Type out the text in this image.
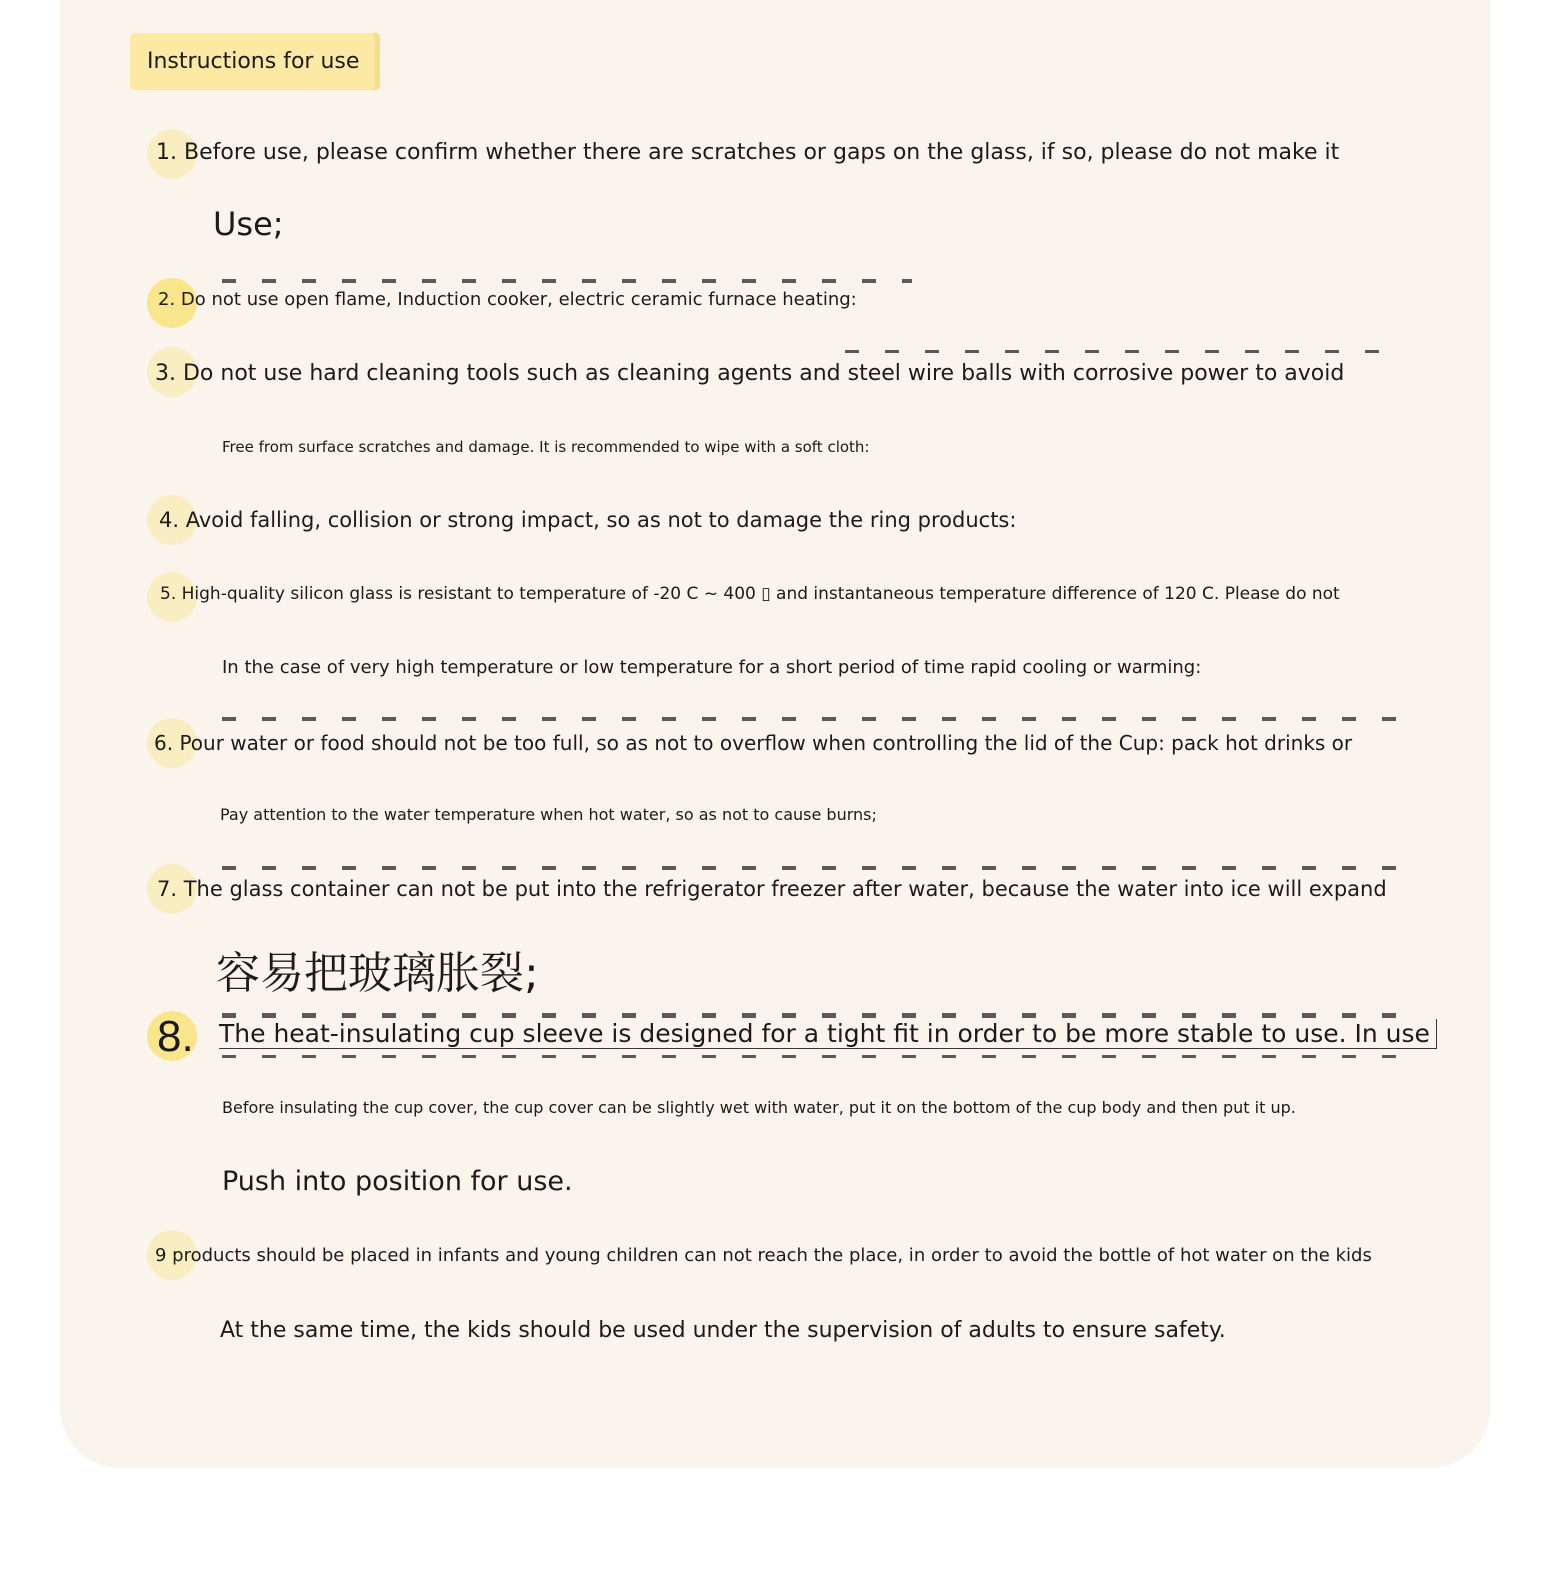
Instructions for use
1. Before use, please confirm whether there are scratches or gaps on the glass, if so, please do not make it
Use;
2. Do not use open flame, Induction cooker, electric ceramic furnace heating:
3. Do not use hard cleaning tools such as cleaning agents and steel wire balls with corrosive power to avoid
Free from surface scratches and damage. It is recommended to wipe with a soft cloth:
4. Avoid falling, collision or strong impact, so as not to damage the ring products:
5. High-quality silicon glass is resistant to temperature of -20 C ~ 400 ▯ and instantaneous temperature difference of 120 C. Please do not
In the case of very high temperature or low temperature for a short period of time rapid cooling or warming:
6. Pour water or food should not be too full, so as not to overflow when controlling the lid of the Cup: pack hot drinks or
Pay attention to the water temperature when hot water, so as not to cause burns;
7. The glass container can not be put into the refrigerator freezer after water, because the water into ice will expand
容易把玻璃胀裂;
8. The heat-insulating cup sleeve is designed for a tight fit in order to be more stable to use. In use
Before insulating the cup cover, the cup cover can be slightly wet with water, put it on the bottom of the cup body and then put it up.
Push into position for use.
9 products should be placed in infants and young children can not reach the place, in order to avoid the bottle of hot water on the kids
At the same time, the kids should be used under the supervision of adults to ensure safety.
